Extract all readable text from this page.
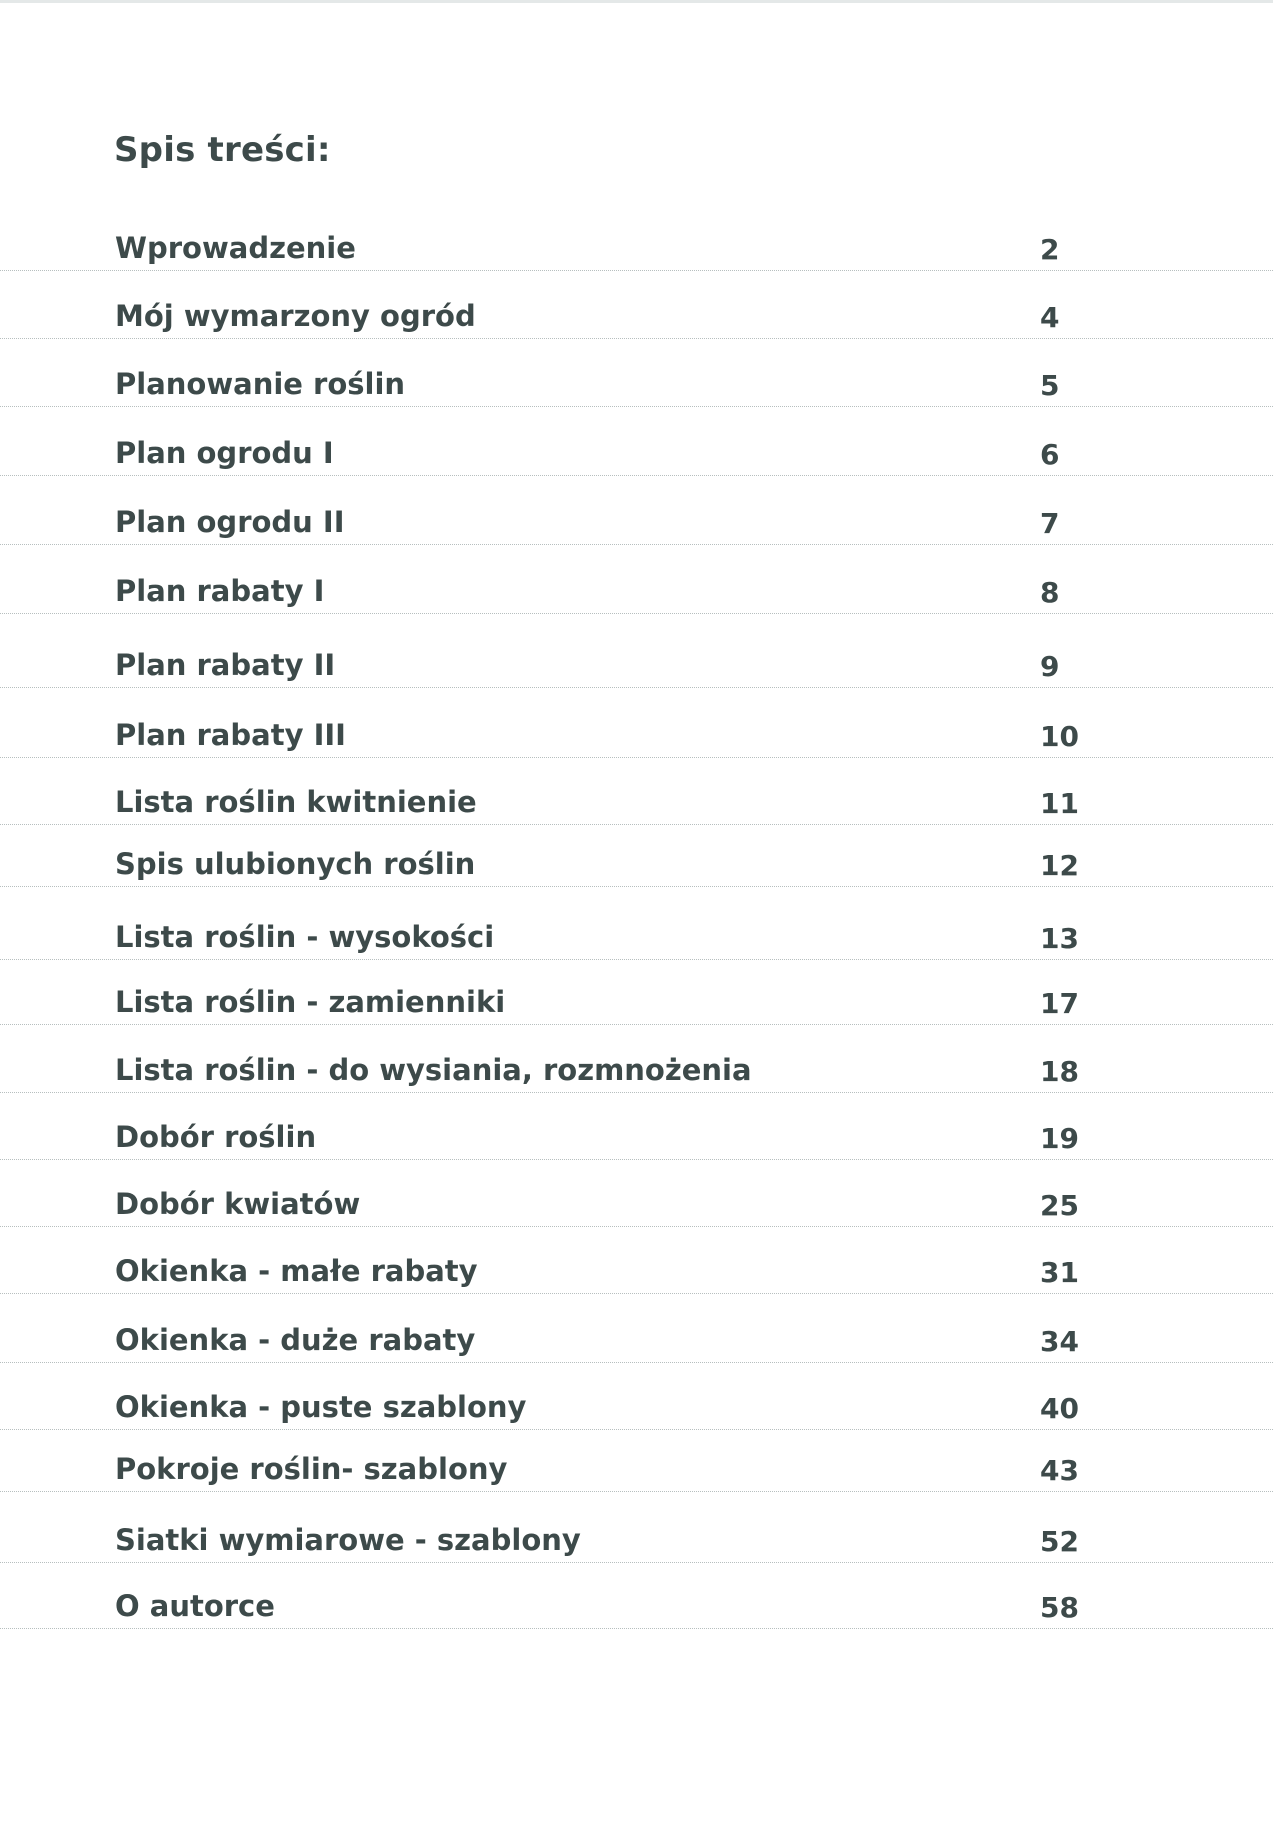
Spis treści:
Wprowadzenie	2
Mój wymarzony ogród	4
Planowanie roślin	5
Plan ogrodu I	6
Plan ogrodu II	7
Plan rabaty I	8
Plan rabaty II	9
Plan rabaty III	10
Lista roślin kwitnienie	11
Spis ulubionych roślin	12
Lista roślin - wysokości	13
Lista roślin - zamienniki	17
Lista roślin - do wysiania, rozmnożenia	18
Dobór roślin	19
Dobór kwiatów	25
Okienka - małe rabaty	31
Okienka - duże rabaty	34
Okienka - puste szablony	40
Pokroje roślin- szablony	43
Siatki wymiarowe - szablony	52
O autorce	58
